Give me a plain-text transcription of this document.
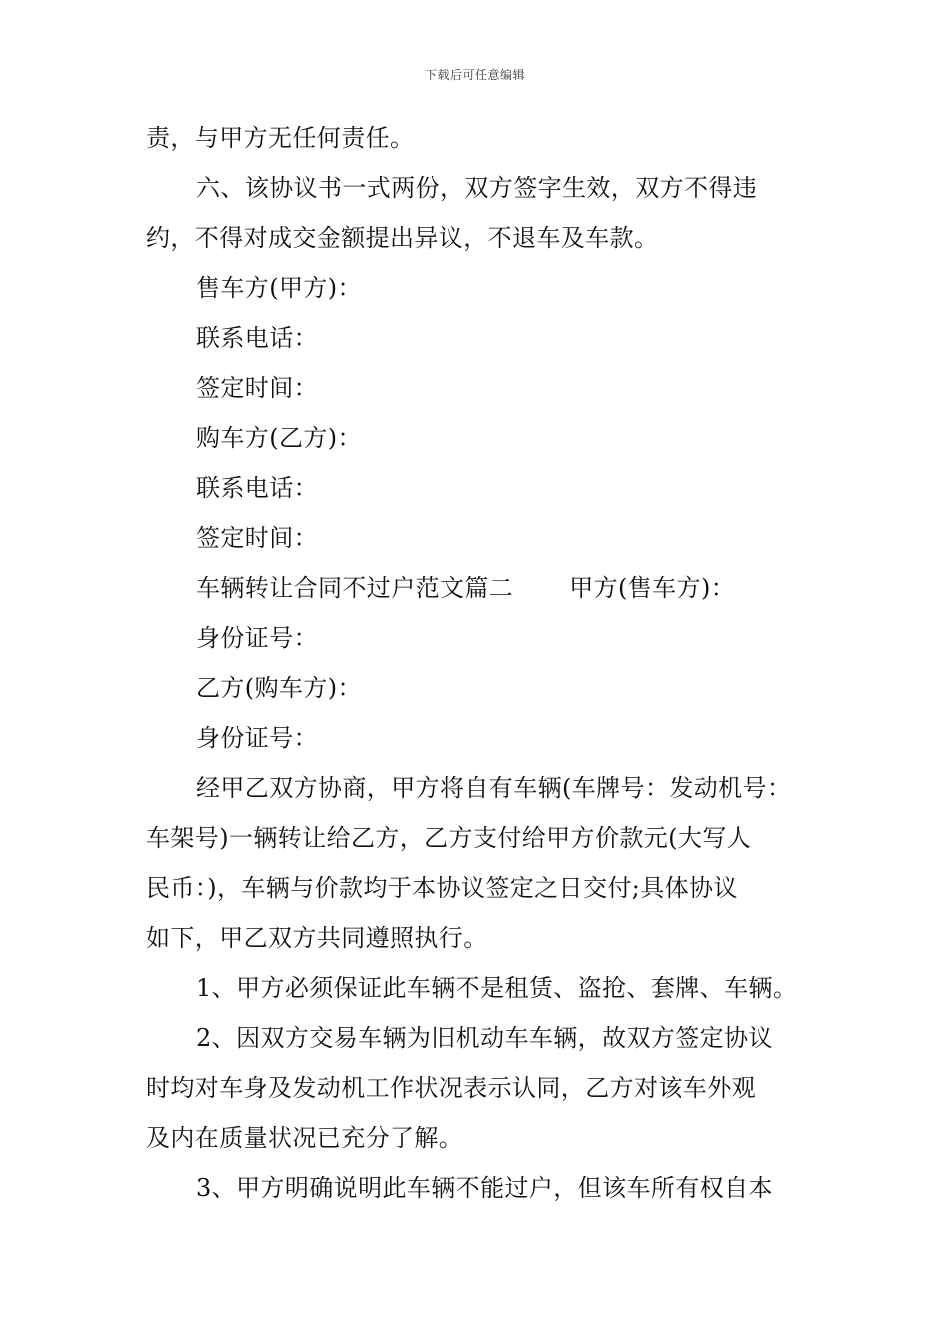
下载后可任意编辑
责，与甲方无任何责任。
六、该协议书一式两份，双方签字生效，双方不得违
约，不得对成交金额提出异议，不退车及车款。
售车方(甲方)：
联系电话：
签定时间：
购车方(乙方)：
联系电话：
签定时间：
车辆转让合同不过户范文篇二 甲方(售车方)：
身份证号：
乙方(购车方)：
身份证号：
经甲乙双方协商，甲方将自有车辆(车牌号：发动机号：
车架号)一辆转让给乙方，乙方支付给甲方价款元(大写人
民币：)，车辆与价款均于本协议签定之日交付;具体协议
如下，甲乙双方共同遵照执行。
1、甲方必须保证此车辆不是租赁、盗抢、套牌、车辆。
2、因双方交易车辆为旧机动车车辆，故双方签定协议
时均对车身及发动机工作状况表示认同，乙方对该车外观
及内在质量状况已充分了解。
3、甲方明确说明此车辆不能过户，但该车所有权自本
